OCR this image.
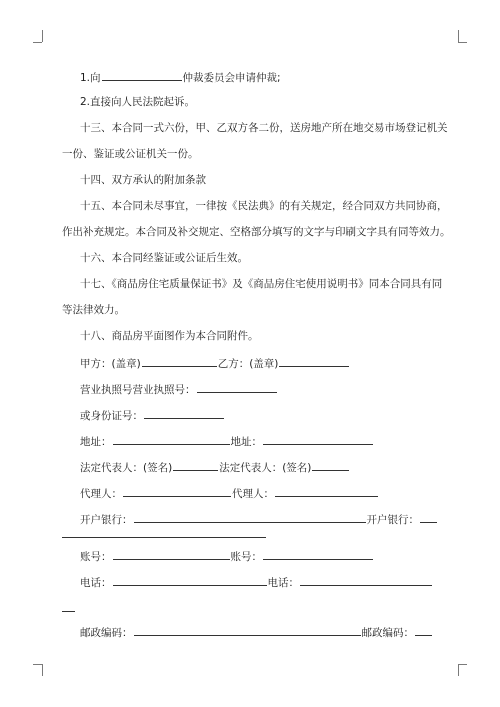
1.向	仲裁委员会申请仲裁;
2.直接向人民法院起诉。
十三、本合同一式六份，甲、乙双方各二份，送房地产所在地交易市场登记机关
一份、鉴证或公证机关一份。
十四、双方承认的附加条款
十五、本合同未尽事宜，一律按《民法典》的有关规定，经合同双方共同协商，
作出补充规定。本合同及补交规定、空格部分填写的文字与印刷文字具有同等效力。
十六、本合同经鉴证或公证后生效。
十七、《商品房住宅质量保证书》及《商品房住宅使用说明书》同本合同具有同
等法律效力。
十八、商品房平面图作为本合同附件。
甲方：(盖章)	乙方：(盖章)
营业执照号营业执照号：
或身份证号：
地址：	地址：
法定代表人：(签名)	法定代表人：(签名)
代理人：	代理人：
开户银行：	开户银行：
账号：	账号：
电话：	电话：
邮政编码：	邮政编码：
